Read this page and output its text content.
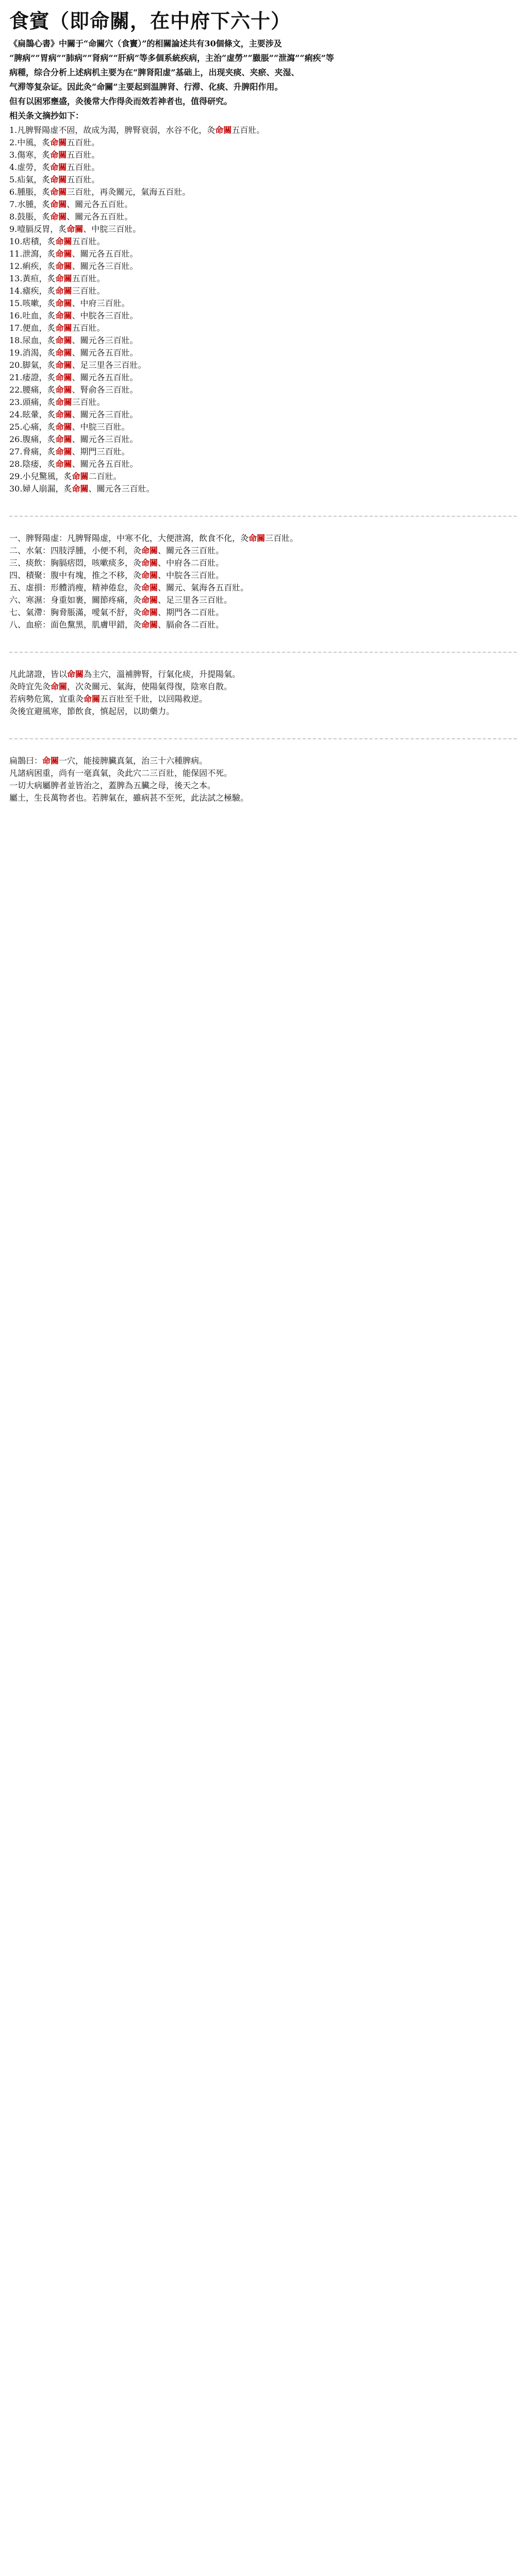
食賓（即命關，在中府下六十）
《扁鵲心書》中關于“命關穴（食竇）”的相關論述共有30個條文，主要涉及
“脾病”“胃病”“肺病”“肾病”“肝病”等多個系統疾病，主治“虚勞”“臌脹”“泄瀉”“痢疾”等
病種，综合分析上述病机主要为在“脾肾阳虚”基础上，出现夹痰、夹瘀、夹湿、
气滞等复杂证。因此灸“命關”主要起到温脾肾、行滞、化痰、升脾阳作用。
但有以困邪壅盛，灸後常大作得灸而效若神者也，值得研究。
相关条文摘抄如下：
1.凡脾腎陽虚不固，故成为渴，脾腎衰弱，水谷不化，灸命關五百壯。
2.中風，炙命關五百壯。
3.傷寒，炙命關五百壯。
4.虚勞，炙命關五百壯。
5.疝氣，炙命關五百壯。
6.腫脹，炙命關三百壯，再灸關元，氣海五百壯。
7.水腫，炙命關、關元各五百壯。
8.鼓脹，炙命關、關元各五百壯。
9.噎膈反胃，炙命關、中脘三百壯。
10.痞積，炙命關五百壯。
11.泄瀉，炙命關、關元各五百壯。
12.痢疾，炙命關、關元各三百壯。
13.黃疸，炙命關五百壯。
14.瘧疾，炙命關三百壯。
15.咳嗽，炙命關、中府三百壯。
16.吐血，炙命關、中脘各三百壯。
17.便血，炙命關五百壯。
18.尿血，炙命關、關元各三百壯。
19.消渴，炙命關、關元各五百壯。
20.脚氣，炙命關、足三里各三百壯。
21.痿證，炙命關、關元各五百壯。
22.腰痛，炙命關、腎俞各三百壯。
23.頭痛，炙命關三百壯。
24.眩暈，炙命關、關元各三百壯。
25.心痛，炙命關、中脘三百壯。
26.腹痛，炙命關、關元各三百壯。
27.脅痛，炙命關、期門三百壯。
28.陰痿，炙命關、關元各五百壯。
29.小兒驚風，炙命關二百壯。
30.婦人崩漏，炙命關、關元各三百壯。
一、脾腎陽虚：凡脾腎陽虚，中寒不化，大便泄瀉，飲食不化，灸命關三百壯。
二、水氣：四肢浮腫，小便不利，灸命關、關元各三百壯。
三、痰飲：胸膈痞悶，咳嗽痰多，灸命關、中府各二百壯。
四、積聚：腹中有塊，推之不移，灸命關、中脘各三百壯。
五、虚損：形體消瘦，精神倦怠，灸命關、關元、氣海各五百壯。
六、寒濕：身重如裹，關節疼痛，灸命關、足三里各三百壯。
七、氣滯：胸脅脹滿，噯氣不舒，灸命關、期門各二百壯。
八、血瘀：面色黧黑，肌膚甲錯，灸命關、膈俞各二百壯。
凡此諸證，皆以命關為主穴，溫補脾腎，行氣化痰，升提陽氣。
灸時宜先灸命關，次灸關元、氣海，使陽氣得復，陰寒自散。
若病勢危篤，宜重灸命關五百壯至千壯，以回陽救逆。
灸後宜避風寒，節飲食，慎起居，以助藥力。
扁鵲曰：命關一穴，能接脾臟真氣，治三十六種脾病。
凡諸病困重，尚有一毫真氣，灸此穴二三百壯，能保固不死。
一切大病屬脾者並皆治之，蓋脾為五臟之母，後天之本。
屬土，生長萬物者也。若脾氣在，雖病甚不至死，此法試之極驗。
